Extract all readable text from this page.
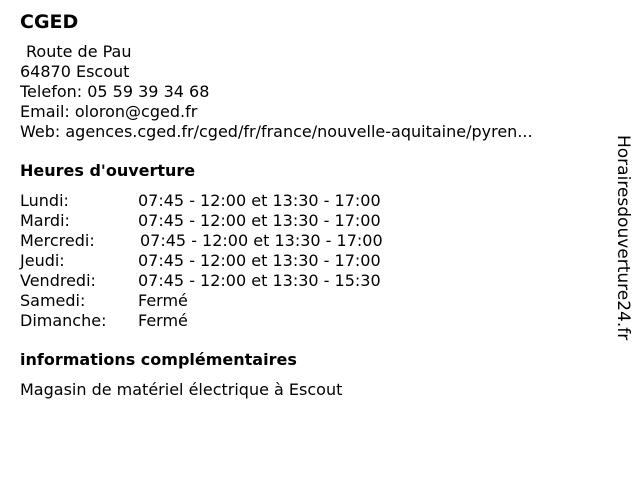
CGED
Route de Pau
64870 Escout
Telefon: 05 59 39 34 68
Email: oloron@cged.fr
Web: agences.cged.fr/cged/fr/france/nouvelle-aquitaine/pyren...
Heures d'ouverture
Lundi:	07:45 - 12:00 et 13:30 - 17:00
Mardi:	07:45 - 12:00 et 13:30 - 17:00
Mercredi:	07:45 - 12:00 et 13:30 - 17:00
Jeudi:	07:45 - 12:00 et 13:30 - 17:00
Vendredi:	07:45 - 12:00 et 13:30 - 15:30
Samedi:	Fermé
Dimanche:	Fermé
informations complémentaires
Magasin de matériel électrique à Escout
Horairesdouverture24.fr
